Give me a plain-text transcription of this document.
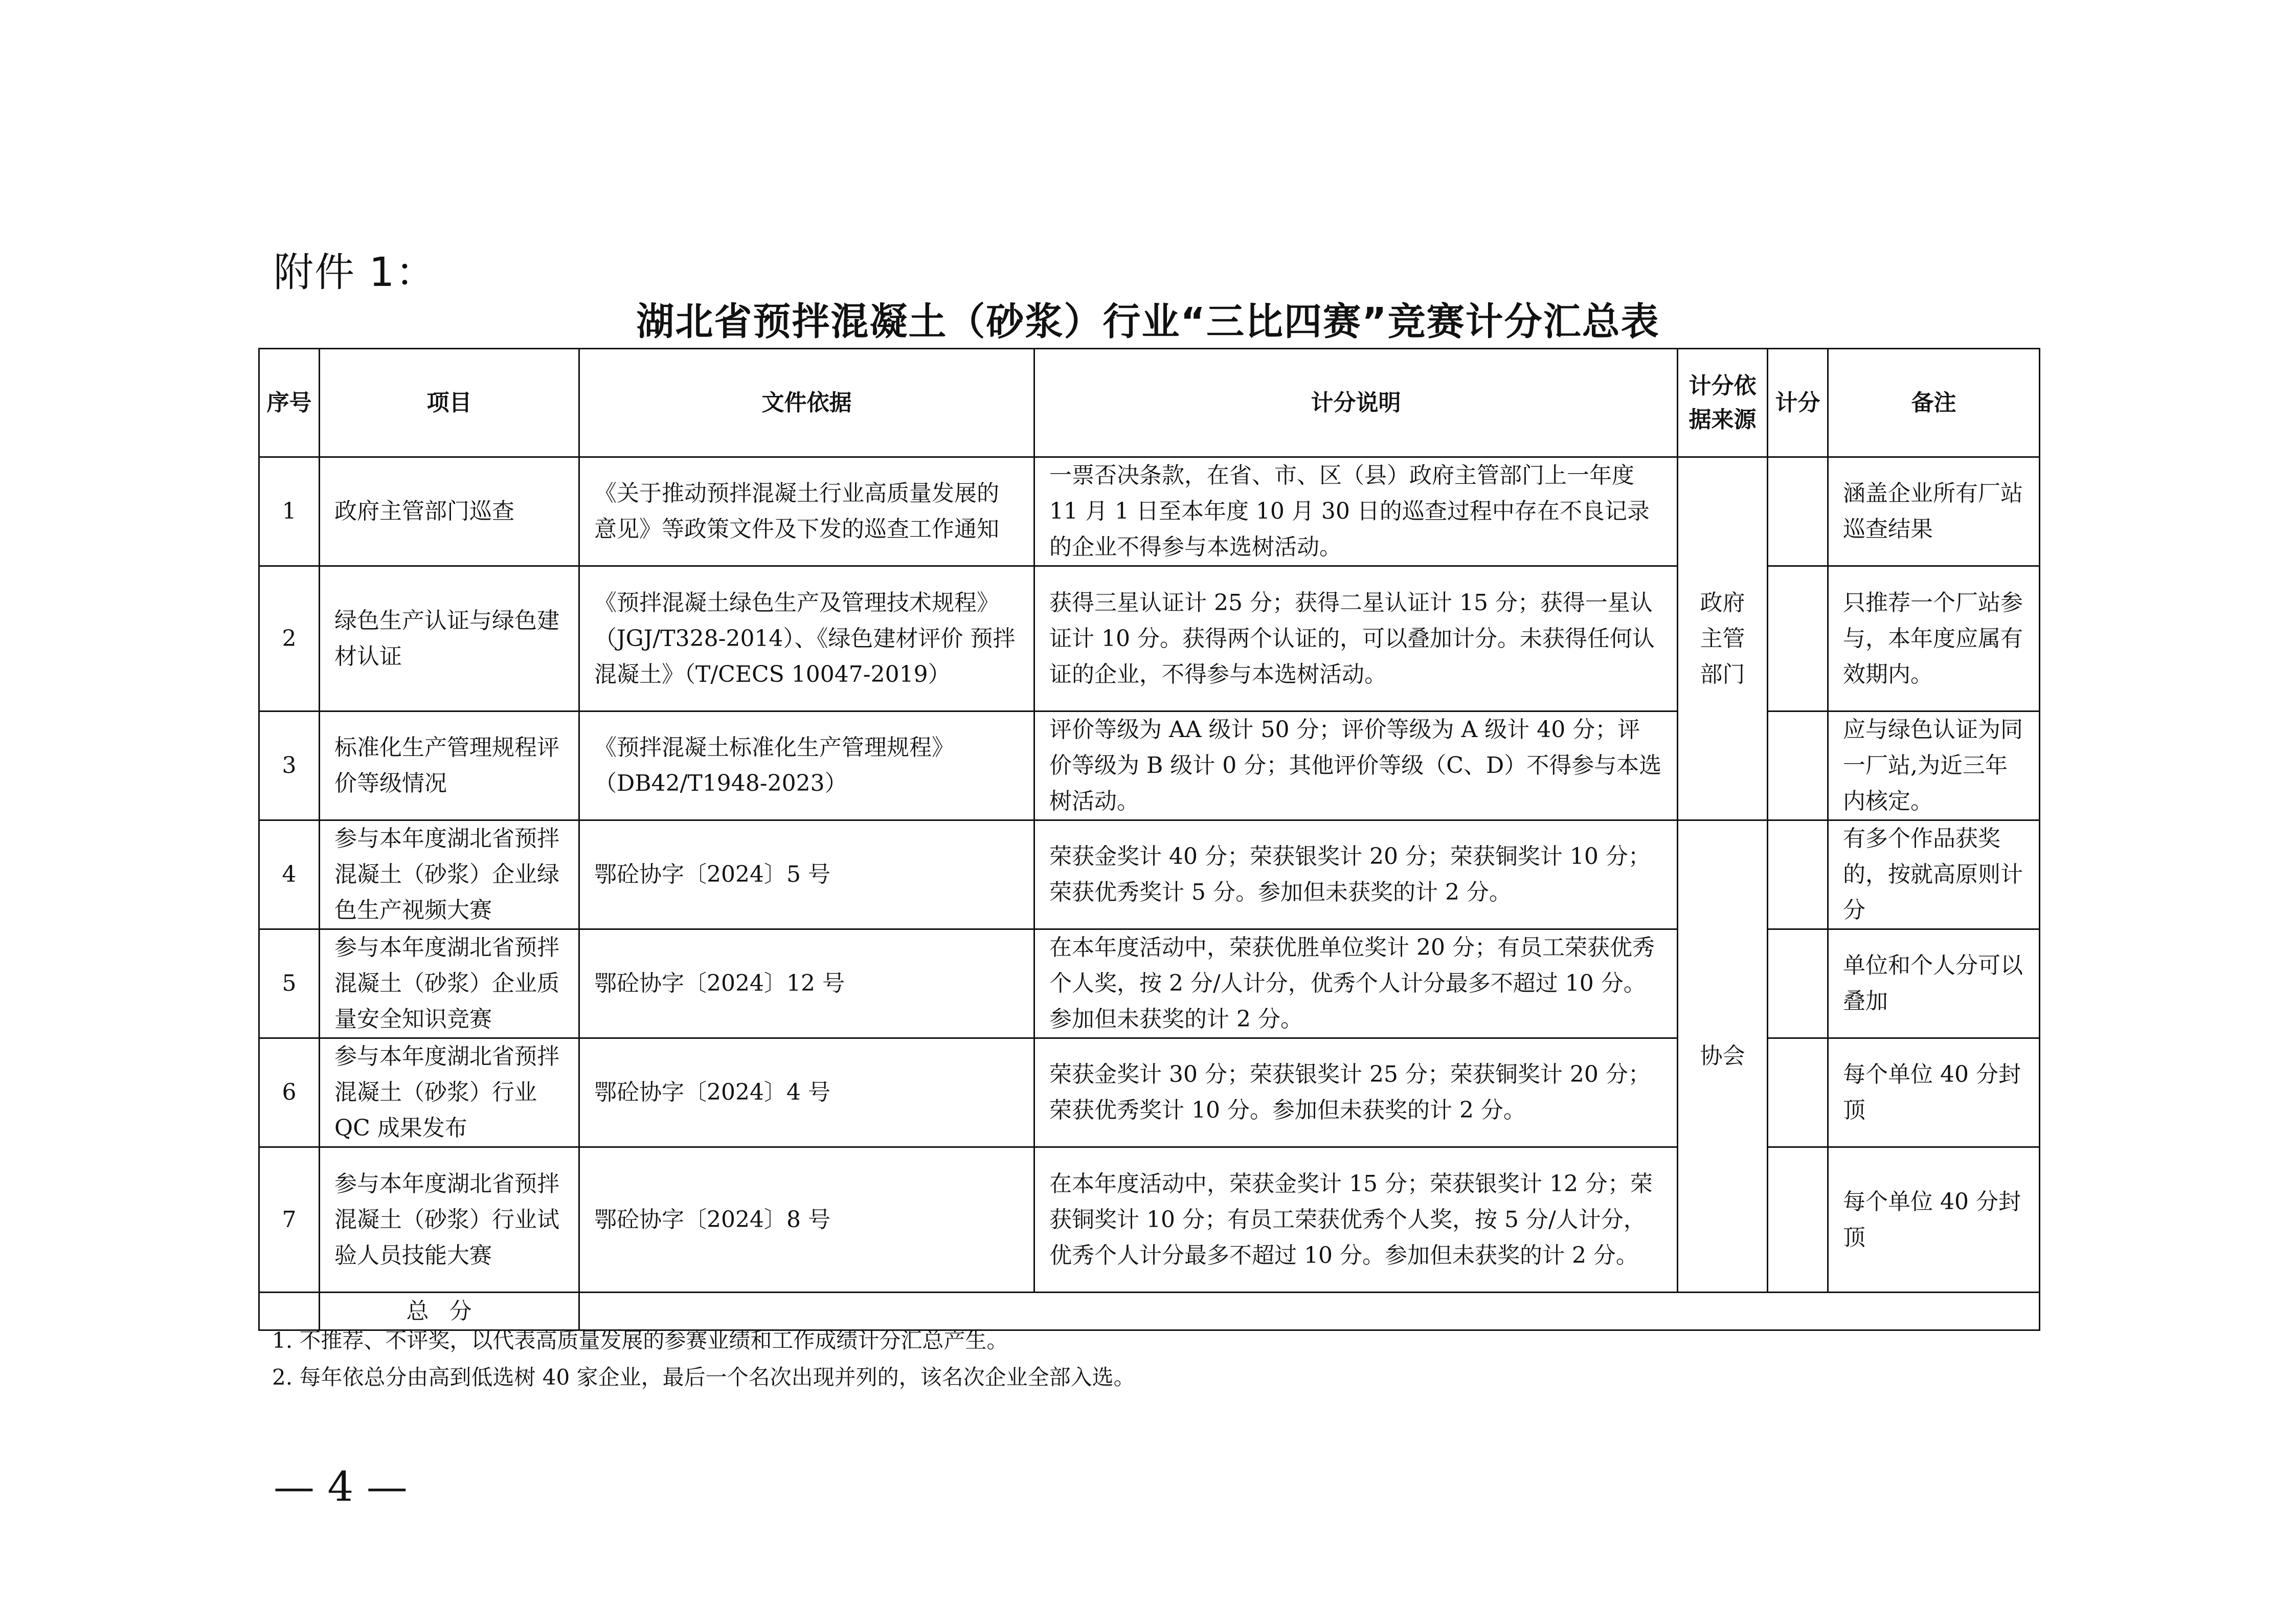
附件 1：
湖北省预拌混凝土（砂浆）行业“三比四赛”竞赛计分汇总表
序号	项目	文件依据	计分说明	计分依据来源	计分	备注
1	政府主管部门巡查	《关于推动预拌混凝土行业高质量发展的意见》等政策文件及下发的巡查工作通知	一票否决条款，在省、市、区（县）政府主管部门上一年度 11 月 1 日至本年度 10 月 30 日的巡查过程中存在不良记录的企业不得参与本选树活动。	政府主管部门		涵盖企业所有厂站巡查结果
2	绿色生产认证与绿色建材认证	《预拌混凝土绿色生产及管理技术规程》（JGJ/T328-2014）、《绿色建材评价 预拌混凝土》（T/CECS 10047-2019）	获得三星认证计 25 分；获得二星认证计 15 分；获得一星认证计 10 分。获得两个认证的，可以叠加计分。未获得任何认证的企业，不得参与本选树活动。			只推荐一个厂站参与，本年度应属有效期内。
3	标准化生产管理规程评价等级情况	《预拌混凝土标准化生产管理规程》（DB42/T1948-2023）	评价等级为 AA 级计 50 分；评价等级为 A 级计 40 分；评价等级为 B 级计 0 分；其他评价等级（C、D）不得参与本选树活动。			应与绿色认证为同一厂站,为近三年内核定。
4	参与本年度湖北省预拌混凝土（砂浆）企业绿色生产视频大赛	鄂砼协字〔2024〕5 号	荣获金奖计 40 分；荣获银奖计 20 分；荣获铜奖计 10 分；荣获优秀奖计 5 分。参加但未获奖的计 2 分。	协会		有多个作品获奖的，按就高原则计分
5	参与本年度湖北省预拌混凝土（砂浆）企业质量安全知识竞赛	鄂砼协字〔2024〕12 号	在本年度活动中，荣获优胜单位奖计 20 分；有员工荣获优秀个人奖，按 2 分/人计分，优秀个人计分最多不超过 10 分。参加但未获奖的计 2 分。			单位和个人分可以叠加
6	参与本年度湖北省预拌混凝土（砂浆）行业 QC 成果发布	鄂砼协字〔2024〕4 号	荣获金奖计 30 分；荣获银奖计 25 分；荣获铜奖计 20 分；荣获优秀奖计 10 分。参加但未获奖的计 2 分。			每个单位 40 分封顶
7	参与本年度湖北省预拌混凝土（砂浆）行业试验人员技能大赛	鄂砼协字〔2024〕8 号	在本年度活动中，荣获金奖计 15 分；荣获银奖计 12 分；荣获铜奖计 10 分；有员工荣获优秀个人奖，按 5 分/人计分，优秀个人计分最多不超过 10 分。参加但未获奖的计 2 分。			每个单位 40 分封顶
	总分					
1. 不推荐、不评奖，以代表高质量发展的参赛业绩和工作成绩计分汇总产生。
2. 每年依总分由高到低选树 40 家企业，最后一个名次出现并列的，该名次企业全部入选。
— 4 —
